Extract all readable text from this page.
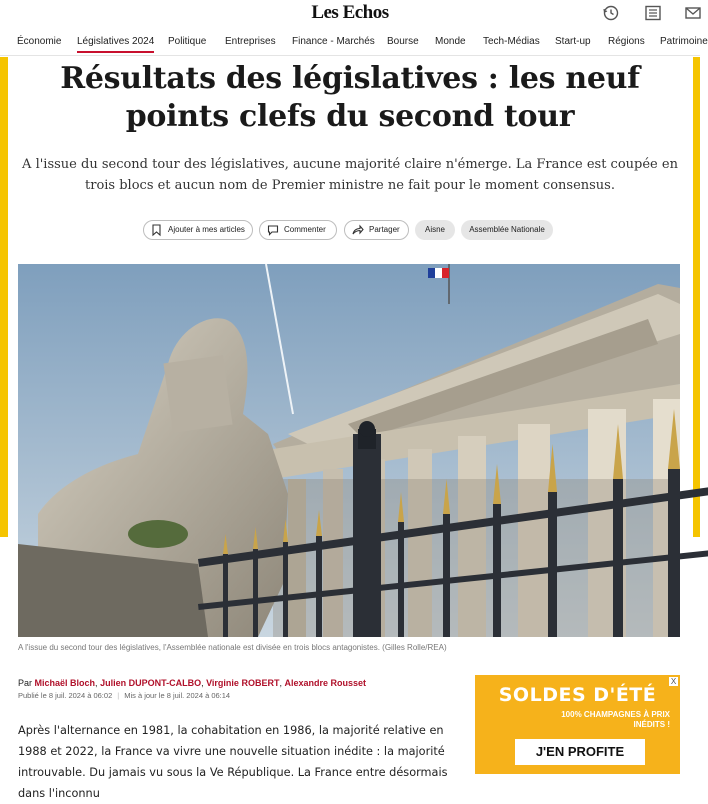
Les Echos
Économie Législatives 2024 Politique Entreprises Finance - Marchés Bourse Monde Tech-Médias Start-up Régions Patrimoine
Résultats des législatives : les neuf points clefs du second tour

A l'issue du second tour des législatives, aucune majorité claire n'émerge. La France est coupée en trois blocs et aucun nom de Premier ministre ne fait pour le moment consensus.

Ajouter à mes articles	Commenter	Partager	Aisne	Assemblée Nationale
A l'issue du second tour des législatives, l'Assemblée nationale est divisée en trois blocs antagonistes. (Gilles Rolle/REA)
Par Michaël Bloch, Julien DUPONT-CALBO, Virginie ROBERT, Alexandre Rousset
Publié le 8 juil. 2024 à 06:02 | Mis à jour le 8 juil. 2024 à 06:14

Après l'alternance en 1981, la cohabitation en 1986, la majorité relative en 1988 et 2022, la France va vivre une nouvelle situation inédite : la majorité introuvable. Du jamais vu sous la Ve République. La France entre désormais dans l'inconnu

X
SOLDES D'ÉTÉ
100% CHAMPAGNES À PRIX
INÉDITS !
J'EN PROFITE
